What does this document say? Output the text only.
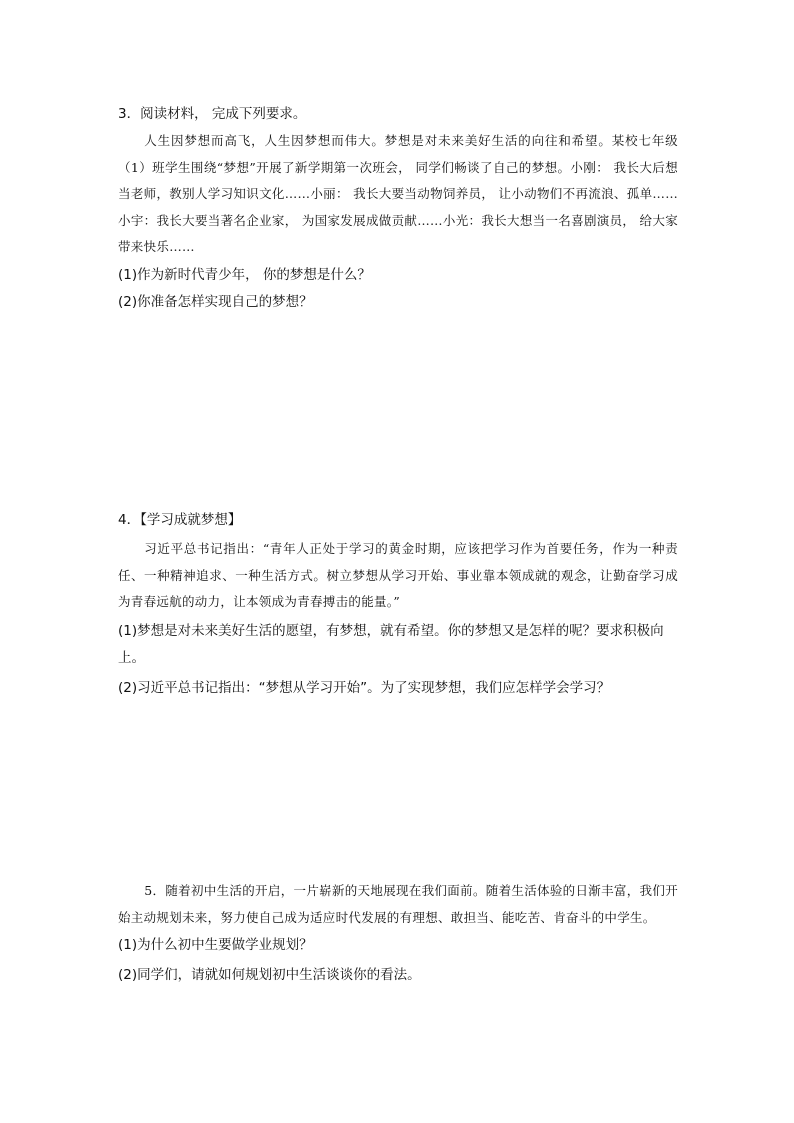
3．阅读材料， 完成下列要求。
人生因梦想而高飞，人生因梦想而伟大。梦想是对未来美好生活的向往和希望。某校七年级（1）班学生围绕“梦想”开展了新学期第一次班会， 同学们畅谈了自己的梦想。小刚： 我长大后想当老师，教别人学习知识文化……小丽： 我长大要当动物饲养员， 让小动物们不再流浪、孤单……小宇：我长大要当著名企业家， 为国家发展成做贡献……小光：我长大想当一名喜剧演员， 给大家带来快乐……
(1)作为新时代青少年， 你的梦想是什么？
(2)你准备怎样实现自己的梦想？
4．【学习成就梦想】
习近平总书记指出：“青年人正处于学习的黄金时期，应该把学习作为首要任务，作为一种责任、一种精神追求、一种生活方式。树立梦想从学习开始、事业靠本领成就的观念，让勤奋学习成为青春远航的动力，让本领成为青春搏击的能量。”
(1)梦想是对未来美好生活的愿望，有梦想，就有希望。你的梦想又是怎样的呢？要求积极向上。
(2)习近平总书记指出：“梦想从学习开始”。为了实现梦想，我们应怎样学会学习？
5．随着初中生活的开启，一片崭新的天地展现在我们面前。随着生活体验的日渐丰富，我们开始主动规划未来，努力使自己成为适应时代发展的有理想、敢担当、能吃苦、肯奋斗的中学生。
(1)为什么初中生要做学业规划？
(2)同学们，请就如何规划初中生活谈谈你的看法。
